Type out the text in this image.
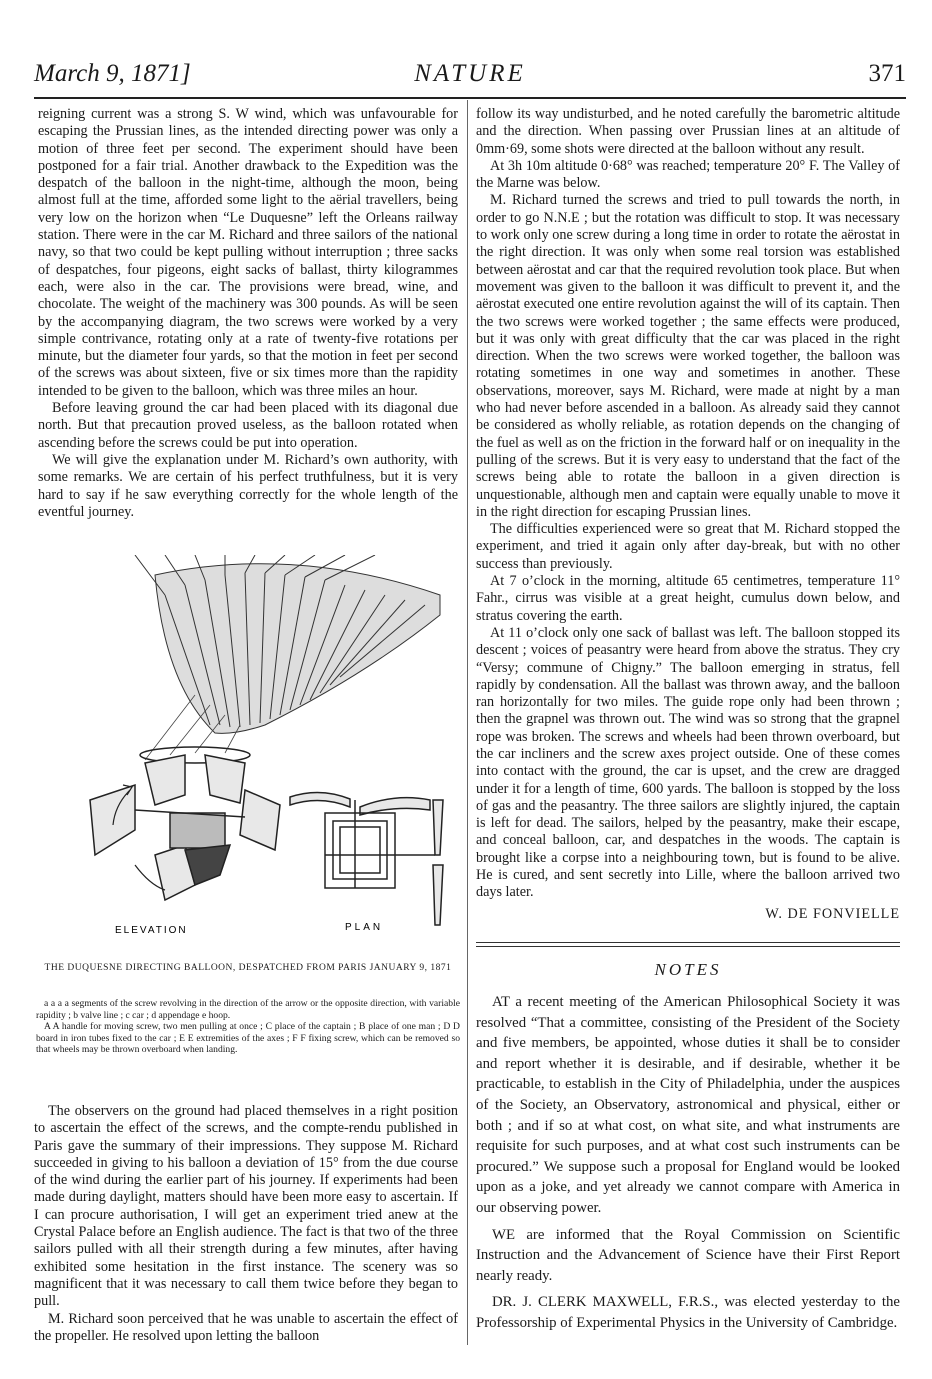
March 9, 1871]	NATURE	371

reigning current was a strong S. W wind, which was unfavourable for escaping the Prussian lines, as the intended directing power was only a motion of three feet per second. The experiment should have been postponed for a fair trial. Another drawback to the Expedition was the despatch of the balloon in the night-time, although the moon, being almost full at the time, afforded some light to the aërial travellers, being very low on the horizon when “Le Duquesne” left the Orleans railway station. There were in the car M. Richard and three sailors of the national navy, so that two could be kept pulling without interruption ; three sacks of despatches, four pigeons, eight sacks of ballast, thirty kilogrammes each, were also in the car. The provisions were bread, wine, and chocolate. The weight of the machinery was 300 pounds. As will be seen by the accompanying diagram, the two screws were worked by a very simple contrivance, rotating only at a rate of twenty-five rotations per minute, but the diameter four yards, so that the motion in feet per second of the screws was about sixteen, five or six times more than the rapidity intended to be given to the balloon, which was three miles an hour.

Before leaving ground the car had been placed with its diagonal due north. But that precaution proved useless, as the balloon rotated when ascending before the screws could be put into operation.

We will give the explanation under M. Richard’s own authority, with some remarks. We are certain of his perfect truthfulness, but it is very hard to say if he saw everything correctly for the whole length of the eventful journey.

ELEVATION	PLAN
THE DUQUESNE DIRECTING BALLOON, DESPATCHED FROM PARIS JANUARY 9, 1871

a a a a segments of the screw revolving in the direction of the arrow or the opposite direction, with variable rapidity ; b valve line ; c car ; d appendage e hoop.

A A handle for moving screw, two men pulling at once ; C place of the captain ; B place of one man ; D D board in iron tubes fixed to the car ; E E extremities of the axes ; F F fixing screw, which can be removed so that wheels may be thrown overboard when landing.

The observers on the ground had placed themselves in a right position to ascertain the effect of the screws, and the compte-rendu published in Paris gave the summary of their impressions. They suppose M. Richard succeeded in giving to his balloon a deviation of 15° from the due course of the wind during the earlier part of his journey. If experiments had been made during daylight, matters should have been more easy to ascertain. If I can procure authorisation, I will get an experiment tried anew at the Crystal Palace before an English audience. The fact is that two of the three sailors pulled with all their strength during a few minutes, after having exhibited some hesitation in the first instance. The scenery was so magnificent that it was necessary to call them twice before they began to pull.

M. Richard soon perceived that he was unable to ascertain the effect of the propeller. He resolved upon letting the balloon

follow its way undisturbed, and he noted carefully the barometric altitude and the direction. When passing over Prussian lines at an altitude of 0mm·69, some shots were directed at the balloon without any result.

At 3h 10m altitude 0·68° was reached; temperature 20° F. The Valley of the Marne was below.

M. Richard turned the screws and tried to pull towards the north, in order to go N.N.E ; but the rotation was difficult to stop. It was necessary to work only one screw during a long time in order to rotate the aërostat in the right direction. It was only when some real torsion was established between aërostat and car that the required revolution took place. But when movement was given to the balloon it was difficult to prevent it, and the aërostat executed one entire revolution against the will of its captain. Then the two screws were worked together ; the same effects were produced, but it was only with great difficulty that the car was placed in the right direction. When the two screws were worked together, the balloon was rotating sometimes in one way and sometimes in another. These observations, moreover, says M. Richard, were made at night by a man who had never before ascended in a balloon. As already said they cannot be considered as wholly reliable, as rotation depends on the changing of the fuel as well as on the friction in the forward half or on inequality in the pulling of the screws. But it is very easy to understand that the fact of the screws being able to rotate the balloon in a given direction is unquestionable, although men and captain were equally unable to move it in the right direction for escaping Prussian lines.

The difficulties experienced were so great that M. Richard stopped the experiment, and tried it again only after day-break, but with no other success than previously.

At 7 o’clock in the morning, altitude 65 centimetres, temperature 11° Fahr., cirrus was visible at a great height, cumulus down below, and stratus covering the earth.

At 11 o’clock only one sack of ballast was left. The balloon stopped its descent ; voices of peasantry were heard from above the stratus. They cry “Versy; commune of Chigny.” The balloon emerging in stratus, fell rapidly by condensation. All the ballast was thrown away, and the balloon ran horizontally for two miles. The guide rope only had been thrown ; then the grapnel was thrown out. The wind was so strong that the grapnel rope was broken. The screws and wheels had been thrown overboard, but the car incliners and the screw axes project outside. One of these comes into contact with the ground, the car is upset, and the crew are dragged under it for a length of time, 600 yards. The balloon is stopped by the loss of gas and the peasantry. The three sailors are slightly injured, the captain is left for dead. The sailors, helped by the peasantry, make their escape, and conceal balloon, car, and despatches in the woods. The captain is brought like a corpse into a neighbouring town, but is found to be alive. He is cured, and sent secretly into Lille, where the balloon arrived two days later.

W. DE FONVIELLE

NOTES

AT a recent meeting of the American Philosophical Society it was resolved “That a committee, consisting of the President of the Society and five members, be appointed, whose duties it shall be to consider and report whether it is desirable, and if desirable, whether it be practicable, to establish in the City of Philadelphia, under the auspices of the Society, an Observatory, astronomical and physical, either or both ; and if so at what cost, on what site, and what instruments are requisite for such purposes, and at what cost such instruments can be procured.” We suppose such a proposal for England would be looked upon as a joke, and yet already we cannot compare with America in our observing power.

WE are informed that the Royal Commission on Scientific Instruction and the Advancement of Science have their First Report nearly ready.

DR. J. CLERK MAXWELL, F.R.S., was elected yesterday to the Professorship of Experimental Physics in the University of Cambridge.
